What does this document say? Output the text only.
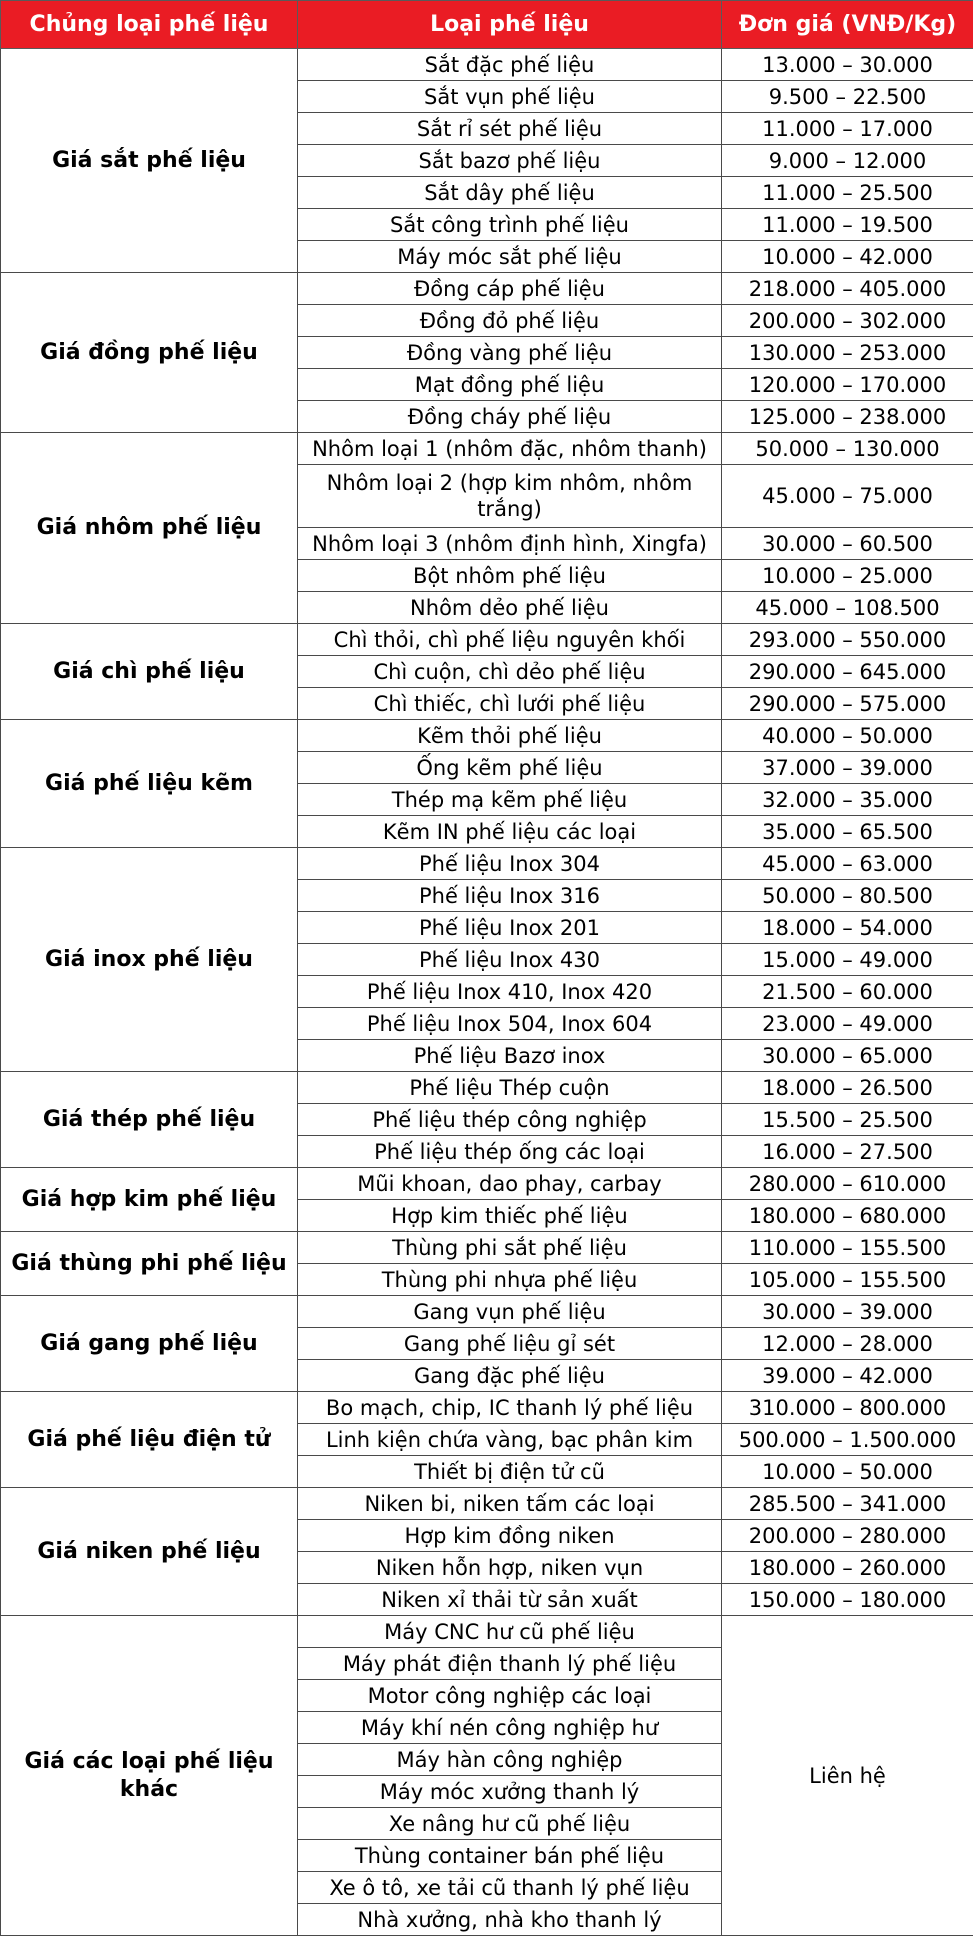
Chủng loại phế liệu	Loại phế liệu	Đơn giá (VNĐ/Kg)
Giá sắt phế liệu	Sắt đặc phế liệu	13.000 – 30.000
	Sắt vụn phế liệu	9.500 – 22.500
	Sắt rỉ sét phế liệu	11.000 – 17.000
	Sắt bazơ phế liệu	9.000 – 12.000
	Sắt dây phế liệu	11.000 – 25.500
	Sắt công trình phế liệu	11.000 – 19.500
	Máy móc sắt phế liệu	10.000 – 42.000
Giá đồng phế liệu	Đồng cáp phế liệu	218.000 – 405.000
	Đồng đỏ phế liệu	200.000 – 302.000
	Đồng vàng phế liệu	130.000 – 253.000
	Mạt đồng phế liệu	120.000 – 170.000
	Đồng cháy phế liệu	125.000 – 238.000
Giá nhôm phế liệu	Nhôm loại 1 (nhôm đặc, nhôm thanh)	50.000 – 130.000
	Nhôm loại 2 (hợp kim nhôm, nhôm trắng)	45.000 – 75.000
	Nhôm loại 3 (nhôm định hình, Xingfa)	30.000 – 60.500
	Bột nhôm phế liệu	10.000 – 25.000
	Nhôm dẻo phế liệu	45.000 – 108.500
Giá chì phế liệu	Chì thỏi, chì phế liệu nguyên khối	293.000 – 550.000
	Chì cuộn, chì dẻo phế liệu	290.000 – 645.000
	Chì thiếc, chì lưới phế liệu	290.000 – 575.000
Giá phế liệu kẽm	Kẽm thỏi phế liệu	40.000 – 50.000
	Ống kẽm phế liệu	37.000 – 39.000
	Thép mạ kẽm phế liệu	32.000 – 35.000
	Kẽm IN phế liệu các loại	35.000 – 65.500
Giá inox phế liệu	Phế liệu Inox 304	45.000 – 63.000
	Phế liệu Inox 316	50.000 – 80.500
	Phế liệu Inox 201	18.000 – 54.000
	Phế liệu Inox 430	15.000 – 49.000
	Phế liệu Inox 410, Inox 420	21.500 – 60.000
	Phế liệu Inox 504, Inox 604	23.000 – 49.000
	Phế liệu Bazơ inox	30.000 – 65.000
Giá thép phế liệu	Phế liệu Thép cuộn	18.000 – 26.500
	Phế liệu thép công nghiệp	15.500 – 25.500
	Phế liệu thép ống các loại	16.000 – 27.500
Giá hợp kim phế liệu	Mũi khoan, dao phay, carbay	280.000 – 610.000
	Hợp kim thiếc phế liệu	180.000 – 680.000
Giá thùng phi phế liệu	Thùng phi sắt phế liệu	110.000 – 155.500
	Thùng phi nhựa phế liệu	105.000 – 155.500
Giá gang phế liệu	Gang vụn phế liệu	30.000 – 39.000
	Gang phế liệu gỉ sét	12.000 – 28.000
	Gang đặc phế liệu	39.000 – 42.000
Giá phế liệu điện tử	Bo mạch, chip, IC thanh lý phế liệu	310.000 – 800.000
	Linh kiện chứa vàng, bạc phân kim	500.000 – 1.500.000
	Thiết bị điện tử cũ	10.000 – 50.000
Giá niken phế liệu	Niken bi, niken tấm các loại	285.500 – 341.000
	Hợp kim đồng niken	200.000 – 280.000
	Niken hỗn hợp, niken vụn	180.000 – 260.000
	Niken xỉ thải từ sản xuất	150.000 – 180.000
Giá các loại phế liệu khác	Máy CNC hư cũ phế liệu	Liên hệ
	Máy phát điện thanh lý phế liệu	
	Motor công nghiệp các loại	
	Máy khí nén công nghiệp hư	
	Máy hàn công nghiệp	
	Máy móc xưởng thanh lý	
	Xe nâng hư cũ phế liệu	
	Thùng container bán phế liệu	
	Xe ô tô, xe tải cũ thanh lý phế liệu	
	Nhà xưởng, nhà kho thanh lý	
